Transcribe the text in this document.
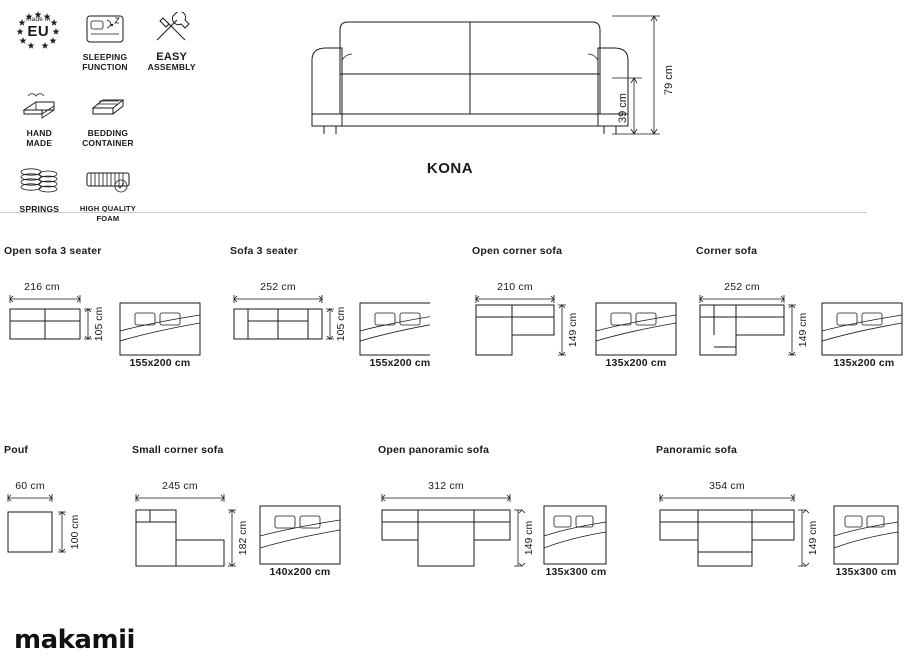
made in
EU
SLEEPING
FUNCTION
EASY
ASSEMBLY
HAND
MADE
BEDDING
CONTAINER
SPRINGS	HIGH QUALITY
FOAM
KONA
79 cm
39 cm
Open sofa 3 seater
216 cm
105 cm
155x200 cm
Sofa 3 seater
252 cm
105 cm
155x200 cm
Open corner sofa
210 cm
149 cm
135x200 cm
Corner sofa
252 cm
149 cm
135x200 cm
Pouf
60 cm
100 cm
Small corner sofa
245 cm
182 cm
140x200 cm
Open panoramic sofa
312 cm
149 cm
135x300 cm
Panoramic sofa
354 cm
149 cm
135x300 cm
makamii
